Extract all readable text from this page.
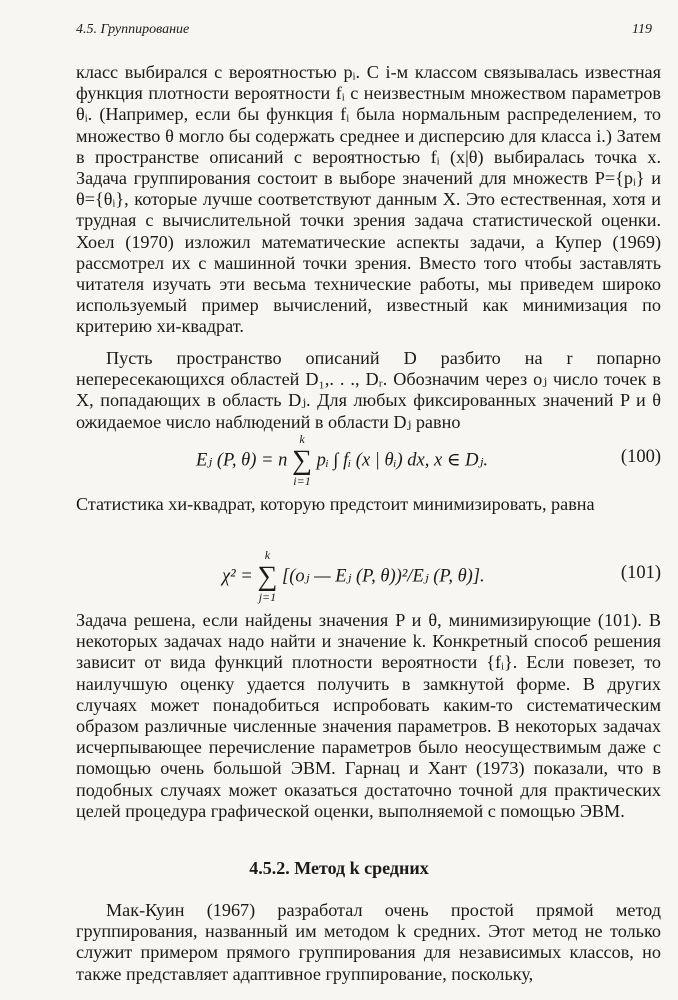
4.5. Группирование	119

класс выбирался с вероятностью pᵢ. С i-м классом связывалась известная функция плотности вероятности fᵢ с неизвестным множеством параметров θᵢ. (Например, если бы функция fᵢ была нормальным распределением, то множество θ могло бы содержать среднее и дисперсию для класса i.) Затем в пространстве описаний с вероятностью fᵢ (x|θ) выбиралась точка x. Задача группирования состоит в выборе значений для множеств P={pᵢ} и θ={θᵢ}, которые лучше соответствуют данным X. Это естественная, хотя и трудная с вычислительной точки зрения задача статистической оценки. Хоел (1970) изложил математические аспекты задачи, а Купер (1969) рассмотрел их с машинной точки зрения. Вместо того чтобы заставлять читателя изучать эти весьма технические работы, мы приведем широко используемый пример вычислений, известный как минимизация по критерию хи-квадрат.

Пусть пространство описаний D разбито на r попарно непересекающихся областей D₁,. . ., Dᵣ. Обозначим через oⱼ число точек в X, попадающих в область Dⱼ. Для любых фиксированных значений P и θ ожидаемое число наблюдений в области Dⱼ равно

Eⱼ (P, θ) = n
k
∑
i=1
pᵢ ∫ fᵢ (x | θᵢ) dx, x ∈ Dⱼ.	(100)

Статистика хи-квадрат, которую предстоит минимизировать, равна

χ² =
k
∑
j=1
[(oⱼ — Eⱼ (P, θ))²/Eⱼ (P, θ)].	(101)

Задача решена, если найдены значения P и θ, минимизирующие (101). В некоторых задачах надо найти и значение k. Конкретный способ решения зависит от вида функций плотности вероятности {fᵢ}. Если повезет, то наилучшую оценку удается получить в замкнутой форме. В других случаях может понадобиться испробовать каким-то систематическим образом различные численные значения параметров. В некоторых задачах исчерпывающее перечисление параметров было неосуществимым даже с помощью очень большой ЭВМ. Гарнац и Хант (1973) показали, что в подобных случаях может оказаться достаточно точной для практических целей процедура графической оценки, выполняемой с помощью ЭВМ.

4.5.2. Метод k средних

Мак-Куин (1967) разработал очень простой прямой метод группирования, названный им методом k средних. Этот метод не только служит примером прямого группирования для независимых классов, но также представляет адаптивное группирование, поскольку,
